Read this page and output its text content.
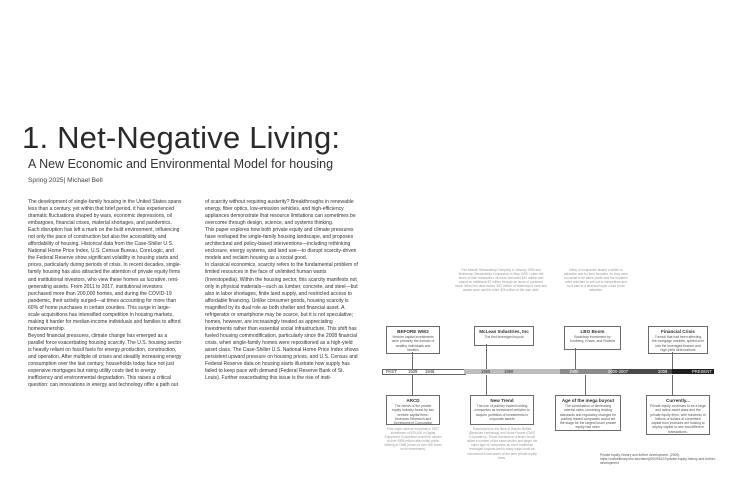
1. Net-Negative Living:
A New Economic and Environmental Model for housing
Spring 2025| Michael Bell

The development of single-family housing in the United States spans less than a century, yet within that brief period, it has experienced dramatic fluctuations shaped by wars, economic depressions, oil embargoes, financial crises, material shortages, and pandemics. Each disruption has left a mark on the built environment, influencing not only the pace of construction but also the accessibility and affordability of housing. Historical data from the Case-Shiller U.S. National Home Price Index, U.S. Census Bureau, CoreLogic, and the Federal Reserve show significant volatility in housing starts and prices, particularly during periods of crisis. In recent decades, single-family housing has also attracted the attention of private equity firms and institutional investors, who view these homes as lucrative, rent-generating assets. From 2011 to 2017, institutional investors purchased more than 200,000 homes, and during the COVID-19 pandemic, their activity surged—at times accounting for more than 60% of home purchases in certain counties. This surge in large-scale acquisitions has intensified competition in housing markets, making it harder for median-income individuals and families to afford homeownership.

Beyond financial pressures, climate change has emerged as a parallel force exacerbating housing scarcity. The U.S. housing sector is heavily reliant on fossil fuels for energy production, construction, and operation. After multiple oil crises and steadily increasing energy consumption over the last century, households today face not just expensive mortgages but rising utility costs tied to energy inefficiency and environmental degradation. This raises a critical question: can innovations in energy and technology offer a path out

of scarcity without requiring austerity? Breakthroughs in renewable energy, fiber optics, low-emission vehicles, and high-efficiency appliances demonstrate that resource limitations can sometimes be overcome through design, science, and systems thinking.

This paper explores how both private equity and climate pressures have reshaped the single-family housing landscape, and proposes architectural and policy-based interventions—including rethinking enclosure, energy systems, and land use—to disrupt scarcity-driven models and reclaim housing as a social good.

In classical economics, scarcity refers to the fundamental problem of limited resources in the face of unlimited human wants (Investopedia). Within the housing sector, this scarcity manifests not only in physical materials—such as lumber, concrete, and steel—but also in labor shortages, finite land supply, and restricted access to affordable financing. Unlike consumer goods, housing scarcity is magnified by its dual role as both shelter and financial asset. A refrigerator or smartphone may be scarce, but it is not speculative; homes, however, are increasingly treated as appreciating investments rather than essential social infrastructure. This shift has fueled housing commodification, particularly since the 2008 financial crisis, when single-family homes were repositioned as a high-yield asset class. The Case-Shiller U.S. National Home Price Index shows persistent upward pressure on housing prices, and U.S. Census and Federal Reserve data on housing starts illustrate how supply has failed to keep pace with demand (Federal Reserve Bank of St. Louis). Further exacerbating this issue is the rise of insti-

Pan Atlantic Stewardship Company in January 1955 and Mckerman Stewardship Corporation in May 1955. Under the terms of their transaction, McLean borrowed $42 million and raised an additional $7 million through an issue of preferred stock. When the deal closed, $20 million of Waterman's cash and assets were used to retire $25 million of the loan debt.
Many of companies lacked a stable or attractive and for their founders, so they were too small to be taken public and the founders were reluctant to sell out to competitors and so a sale to a financial buyer could prove attractive.
BEFORE WW2
Venture capital investments were primarily the domain of wealthy individuals and families
McLean Industries, Inc
The first leveraged buyout
LBO Boom
Bootstrap investment by Kohlberg, Kravis, and Roberts
Financial Crisis
Turmoil that had been affecting the mortgage markets, spilled over into the leveraged finance and high-yield debt markets
PAST	1939 1946	1955	1960	1980	2000-2007	2008	PRESENT
ARCD
The needs of the private equity industry found by two venture capital firms: American Research and Development Corporation
New Trend
The use of publicly traded holding companies as investment vehicles to acquire portfolios of investments in corporate assets
Age of the mega buyout
The combination of decreasing interest rates, loosening lending standards and regulatory changes for publicly traded companies would set the stage for the largest boom private equity had seen.
Currently...
Private equity continues to be a large and active asset class and the private equity firms, with hundreds of billions of dollars of committed capital from investors are looking to deploy capital in new and different transactions.
First major venture investment: 1957 investment of $70,000 in Digital Equipment Corporation would be valued at over $355 million after initial public offering in 1968 (return of over 500 times on its investment).
Popularized by the likes of Warren Buffett (Berkshire Hathaway) and Victor Posner (DWG Corporation). These investment vehicles would utilize a number of the same tactics and target the same type of companies as more traditional leveraged buyouts and in many ways could be considered a forerunner of the later private equity firms.
Private equity, history and further development. (2009). https://onlinelibrary.hbs.edu/item/jl/2009/6122/private-equity-history-and-further-development
